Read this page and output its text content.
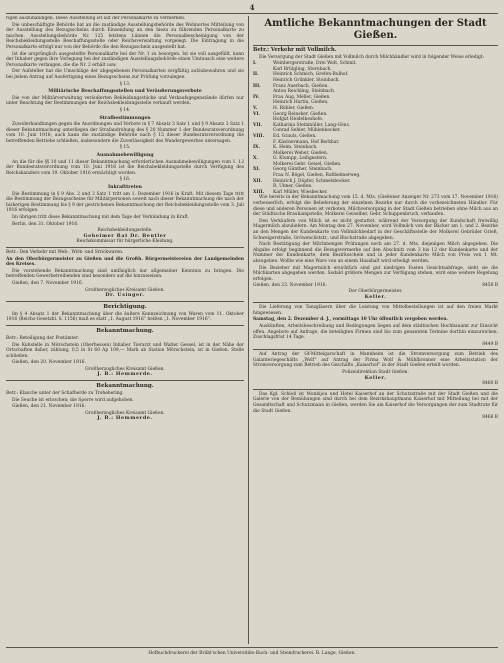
4

rigen auszuhändigen. Diese Ausstellung ist auf der Personalkarte zu vermerken.

Die unbeschäftigte Behörde hat an die zuständige Ausstellungsbehörde des Wohnortes Mitteilung von der Ausstellung des Bezugsscheins durch Einsendung an den hiezu zu führenden Personalkarte zu machen. Ausstellungsbehörde Nr. 125 letztens Lünnen die Personalbescheinigung von der Reichsbekleidungsstelle Beschaffungsstelle oder Reichsverwaltung vorgelegt. Die Eintragung in die Personalkarte erfolgt nur von der Behörde die den Bezugsschein ausgestellt hat.

Ist die ursprünglich ausgestellte Personalkarte bei der Nr. 1 zu besorgen. Ist sie voll ausgefüllt, kann der Inhaber gegen ihre Vorlegung bei der zuständigen Ausstellungsbehörde einen Umtausch eine weitere Personalkarte verlangen, die die Nr. 2 erhält usw.

Der Aufsteller hat die Umschläge der abgegebenen Personalkarten sorgfältig aufzubewahren und sie bei jedem Antrag auf Ausfertigung eines Bezugsscheins zur Prüfung vorzulegen.

§ 13.
Militärische Beschaffungsstellen und Veräußerungsverbote

Die von der Militärverwaltung veräußerten Bekleidungsstücke und Verkaufsgegenstände dürfen nur unter Beachtung der Bestimmungen der Reichsbekleidungsstelle verkauft werden.

§ 14.
Strafbestimmungen

Zuwiderhandlungen gegen die Anordnungen und Verbote in § 7 Absatz 3 Satz 1 und § 9 Absatz 3 Satz 1 dieser Bekanntmachung unterliegen der Strafandrohung des § 20 Nummer 1 der Bundesratsverordnung vom 10. Juni 1916; auch kann die zuständige Behörde nach § 15 dieser Bundesratsverordnung die betreffenden Betriebe schließen, insbesondere die Zuverlässigkeit des Wandergewerbes untersagen.

§ 15.
Ausnahmebewilligung

An die für die §§ 10 und 11 dieser Bekanntmachung erforderlichen Ausnahmebewilligungen vom 1. 12 der Bundesratsverordnung vom 10. Juni 1916 ist die Reichsbekleidungsstelle durch Verfügung des Reichskanzlers vom 19. Oktober 1916 ermächtigt worden.

§ 16.
Inkrafttreten

Die Bestimmung in § 9 Abs. 2 und 3 Satz 1 tritt am 1. Dezember 1916 in Kraft. Mit diesem Tage tritt die Bestimmung der Bezugsscheine für Militärpersonen soweit nach dieser Bekanntmachung die nach der bisherigen Bestimmung bis § 9 der gestrichenen Bekanntmachung der Reichsbekleidungsstelle vom 3. Juli 1916 erfolgen.

Im übrigen tritt diese Bekanntmachung mit dem Tage der Verkündung in Kraft.

Berlin, den 31. Oktober 1916.

Reichsbekleidungsstelle.
Geheimer Rat Dr. Beutler
Reichskommissar für bürgerliche Kleidung.

Betr.: Den Verkehr mit Web-, Wirk- und Strickwaren.

An den Oberbürgermeister zu Gießen und die Großh. Bürgermeistereien der Landgemeinden des Kreises.

Die vorstehende Bekanntmachung sind umfänglich nur allgemeiner Kenntnis zu bringen. Die betreffenden Gewerbetreibenden sind besonders auf die hinzuweisen.

Gießen, den 7. November 1916.

Großherzogliches Kreisamt Gießen.
Dr. Usinger.
Berichtigung.

Im § 4 Absatz 1 der Bekanntmachung über die äußere Kennzeichnung von Waren vom 11. Oktober 1916 (Reichs-Gesetzbl. S. 1156) muß es statt „1. August 1916“ heißen „1. November 1916“.

Bekanntmachung.

Betr.: Beteiligung der Postämter.

Die Kuhstelle in Mörschstein (Oberhessen) Inhaber Tierarzt und Walter Gessel, ist in der Nähe der Ortschaften daher, zählung, 0,5 in St 60 Ap 109,— Mark ab Station Mörschstein, ist in Gießen. Stelle schließen.

Gießen, den 20. November 1916.

Großherzogliches Kreisamt Gießen.
J. B.: Hemmerde.
Bekanntmachung.

Betr.: Klauche unter der Schafherde zu Trohebering.

Die Seuche ist erloschen; die Sperre wird aufgehoben.

Gießen, den 21. November 1916.

Großherzogliches Kreisamt Gießen.
J. B.: Hemmerde.
Amtliche Bekanntmachungen der Stadt Gießen.
Betr.: Verkehr mit Vollmilch.

Die Versorgung der Stadt Gießen mit Vollmilch durch Milchhändler wird in folgender Weise erledigt:

I.	Weinbergerstraße, Drei Welt, Schmit.
Karl Brülgling, Sternbach.
II.	Heinrich Schmich, Grefen-Bulhof.
Heinrich Grünkler, Steinbach.
III.	Franz Auerbach, Gießen.
Anton Reichling, Steinbach.
IV.	Frau Aug. Meller, Gießen.
Heinrich Hartin, Gießen.
V.	H. Rühler, Gießen.
VI.	Georg Reinsher, Gießen.
Hofgut Heidelbeshofe.
VII.	Katharina Steinmüller, Lang-Göns.
Conrad Sehler, Mühlenbecker.
VIII.	Ed. Grauls, Gießen.
F. Kästnermann, Hof Berkhar.
IX.	K. Heim, Steinbach.
Molkerei Weber, Gießen.
X.	G. Klumpp, Leihgestern.
Molkerei Gebr. Geisel, Gießen.
XI.	Georg Günther, Steinbach.
Frau N. Bögel, Gießen, Roßbelmerweg.
XII.	Heinrich J. Döpfer, Schmelzbecker.
R. Ulmer, Gießen.
XIII.	Karl Müller, Wiesbecker.

Wie bereits in der Bekanntmachung vom 15. d. Mts. (Gießener Anzeiger Nr. 273 vom 17. November 1916) verbesserlich, erfolgt die Belieferung der einzelnen Bezirke nur durch die vorbezeichneten Händler. Für diese und anderen Personen ist verboten, Milchversorgung in der Stadt Gießen betrieben ohne Milch aus an der Städtische Brauliampstelle, Molkerei Geiselber, Gebr. Schuppenbruch, verkaufen.

Den Verkäufern von Milch ist es nicht gestattet, während der Versorgung der Kundschaft freiwillig Magermilch abzuliefern. Am Montag den 27. November, wird Vollmilch von der Bäcker am 1. und 2. Bezirke an den Mengen der Kundenkarte von Vollmilchbedarf in der Geschäftsstelle der Molkerei Gebrüder Grieß, Schweigerstraße, Gröwencliststr., und Blochstraße abgegeben.

Nach Bestätigung der Milchmengen Prüfungen noch am 27. d. Mts. diejenigen Milch abgegeben. Die Abgabe erfolgt beginnend die Bezugsvermerke auf den Abschnitt vom 3 bis 12 der Kundenkarte und der Nummer der Kundenkarte, dem Bezirksschein und in jeder Kundenkarte Milch von Preis von 1 Mt. abzugeben. Wollte wie eine Ware von an einem Haushalt wird erledigt werden.

Die Bezieher mit Magermilch ersichtlich sind gut niedrigen Fasten Gesichtsabfrage, sieht sie die Milchkarten abgegeben werden. Sodald größere Mengen zur Verfügung stehen, wird eine weitere Regelung erfolgen.

Gießen, den 23. November 1916.	8456 B
Der Oberbürgermeister.
Keller.

Die Lieferung von Tanzgläsern über die Leistung von Mittelbestellungen ist auf den freien Markt hingewiesen.

Samstag, den 2. Dezember d. J., vormittags 10 Uhr öffentlich vergeben werden.

Auskünften, Arbeitsbeschreibung und Bedingungen liegen auf dem städtischen Hochbauamt zur Einsicht offen. Angebote auf Anfrage, die beteiligten Firmen sind bis zum genannten Termine dorthin einzureichen. Zuschlagsfrist 14 Tage.

8449 B

Auf Antrag der Gf-Mittelgarschaft in Mannheim ist die Stromversorgung zum Betrieb des Galanteriegeschäfts „Wolf“ auf Antrag der Firma Wolf & Mühlbronner eine Arbeitsstation der Stromversorgung zum Betrieb des Geschäfts „Kaiserhof“ in der Stadt Gießen erteilt worden.

Polizeidirektion Stadt Gießen.
Keller.
8460 B

Das Kgl. Schloß ist Monbijou und Hotel Kaiserhof an der Schutzstraße mit der Stadt Gießen und die Galerie von der Bemühungen sind durch bei dem Bezirkshauptmann Kaiserhof mit Mitteilung bei mit der Gesandtschaft und Schutzmann in Gießen, werden Sie am Kaiserhof die Versorgungen der zum Stadtrate für die Stadt Gießen.

8466 B
Hofbuchdruckerei der Brühl'schen Universitäts-Buch- und Steindruckerei. R. Lange, Gießen.
